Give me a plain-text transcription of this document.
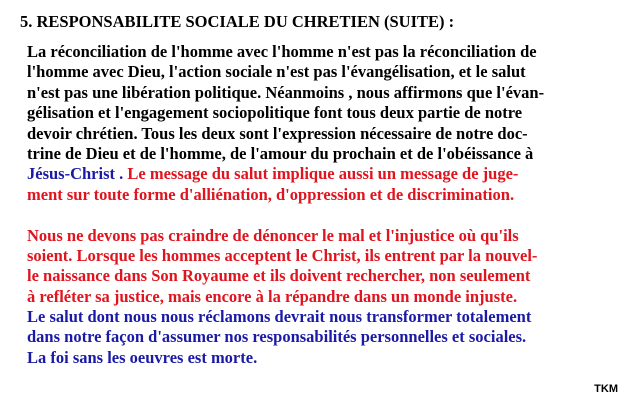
5. RESPONSABILITE SOCIALE DU CHRETIEN (SUITE) :
La réconciliation de l'homme avec l'homme n'est pas la réconciliation de
l'homme avec Dieu, l'action sociale n'est pas l'évangélisation, et le salut
n'est pas une libération politique. Néanmoins , nous affirmons que l'évan-
gélisation et l'engagement sociopolitique font tous deux partie de notre
devoir chrétien. Tous les deux sont l'expression nécessaire de notre doc-
trine de Dieu et de l'homme, de l'amour du prochain et de l'obéissance à
Jésus-Christ . Le message du salut implique aussi un message de juge-
ment sur toute forme d'alliénation, d'oppression et de discrimination.
Nous ne devons pas craindre de dénoncer le mal et l'injustice où qu'ils
soient. Lorsque les hommes acceptent le Christ, ils entrent par la nouvel-
le naissance dans Son Royaume et ils doivent rechercher, non seulement
à refléter sa justice, mais encore à la répandre dans un monde injuste.
Le salut dont nous nous réclamons devrait nous transformer totalement
dans notre façon d'assumer nos responsabilités personnelles et sociales.
La foi sans les oeuvres est morte.
TKM
